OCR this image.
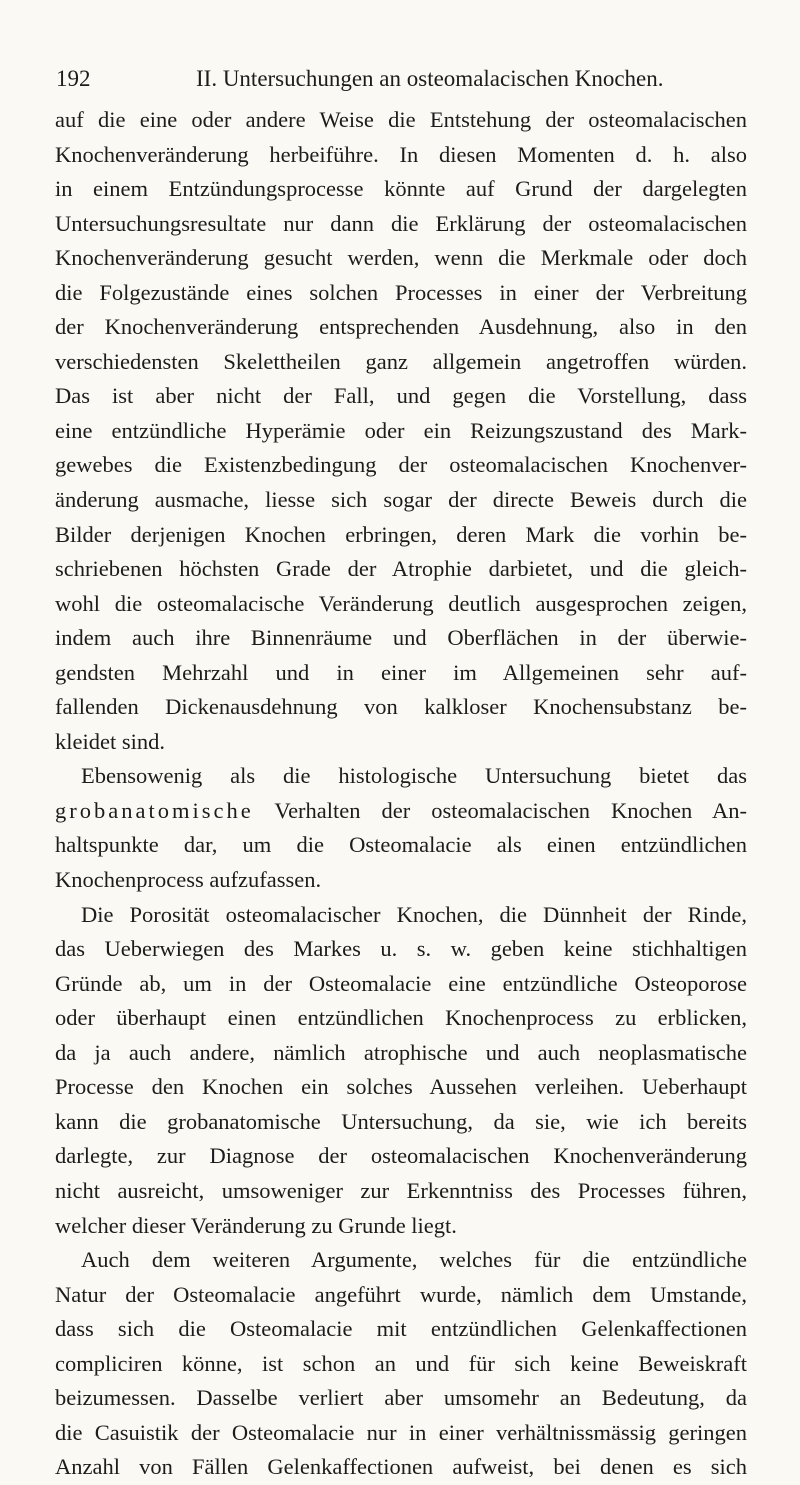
192	II. Untersuchungen an osteomalacischen Knochen.
auf die eine oder andere Weise die Entstehung der osteomalacischen
Knochenveränderung herbeiführe. In diesen Momenten d. h. also
in einem Entzündungsprocesse könnte auf Grund der dargelegten
Untersuchungsresultate nur dann die Erklärung der osteomalacischen
Knochenveränderung gesucht werden, wenn die Merkmale oder doch
die Folgezustände eines solchen Processes in einer der Verbreitung
der Knochenveränderung entsprechenden Ausdehnung, also in den
verschiedensten Skelettheilen ganz allgemein angetroffen würden.
Das ist aber nicht der Fall, und gegen die Vorstellung, dass
eine entzündliche Hyperämie oder ein Reizungszustand des Mark-
gewebes die Existenzbedingung der osteomalacischen Knochenver-
änderung ausmache, liesse sich sogar der directe Beweis durch die
Bilder derjenigen Knochen erbringen, deren Mark die vorhin be-
schriebenen höchsten Grade der Atrophie darbietet, und die gleich-
wohl die osteomalacische Veränderung deutlich ausgesprochen zeigen,
indem auch ihre Binnenräume und Oberflächen in der überwie-
gendsten Mehrzahl und in einer im Allgemeinen sehr auf-
fallenden Dickenausdehnung von kalkloser Knochensubstanz be-
kleidet sind.
Ebensowenig als die histologische Untersuchung bietet das
grobanatomische Verhalten der osteomalacischen Knochen An-
haltspunkte dar, um die Osteomalacie als einen entzündlichen
Knochenprocess aufzufassen.
Die Porosität osteomalacischer Knochen, die Dünnheit der Rinde,
das Ueberwiegen des Markes u. s. w. geben keine stichhaltigen
Gründe ab, um in der Osteomalacie eine entzündliche Osteoporose
oder überhaupt einen entzündlichen Knochenprocess zu erblicken,
da ja auch andere, nämlich atrophische und auch neoplasmatische
Processe den Knochen ein solches Aussehen verleihen. Ueberhaupt
kann die grobanatomische Untersuchung, da sie, wie ich bereits
darlegte, zur Diagnose der osteomalacischen Knochenveränderung
nicht ausreicht, umsoweniger zur Erkenntniss des Processes führen,
welcher dieser Veränderung zu Grunde liegt.
Auch dem weiteren Argumente, welches für die entzündliche
Natur der Osteomalacie angeführt wurde, nämlich dem Umstande,
dass sich die Osteomalacie mit entzündlichen Gelenkaffectionen
compliciren könne, ist schon an und für sich keine Beweiskraft
beizumessen. Dasselbe verliert aber umsomehr an Bedeutung, da
die Casuistik der Osteomalacie nur in einer verhältnissmässig geringen
Anzahl von Fällen Gelenkaffectionen aufweist, bei denen es sich
